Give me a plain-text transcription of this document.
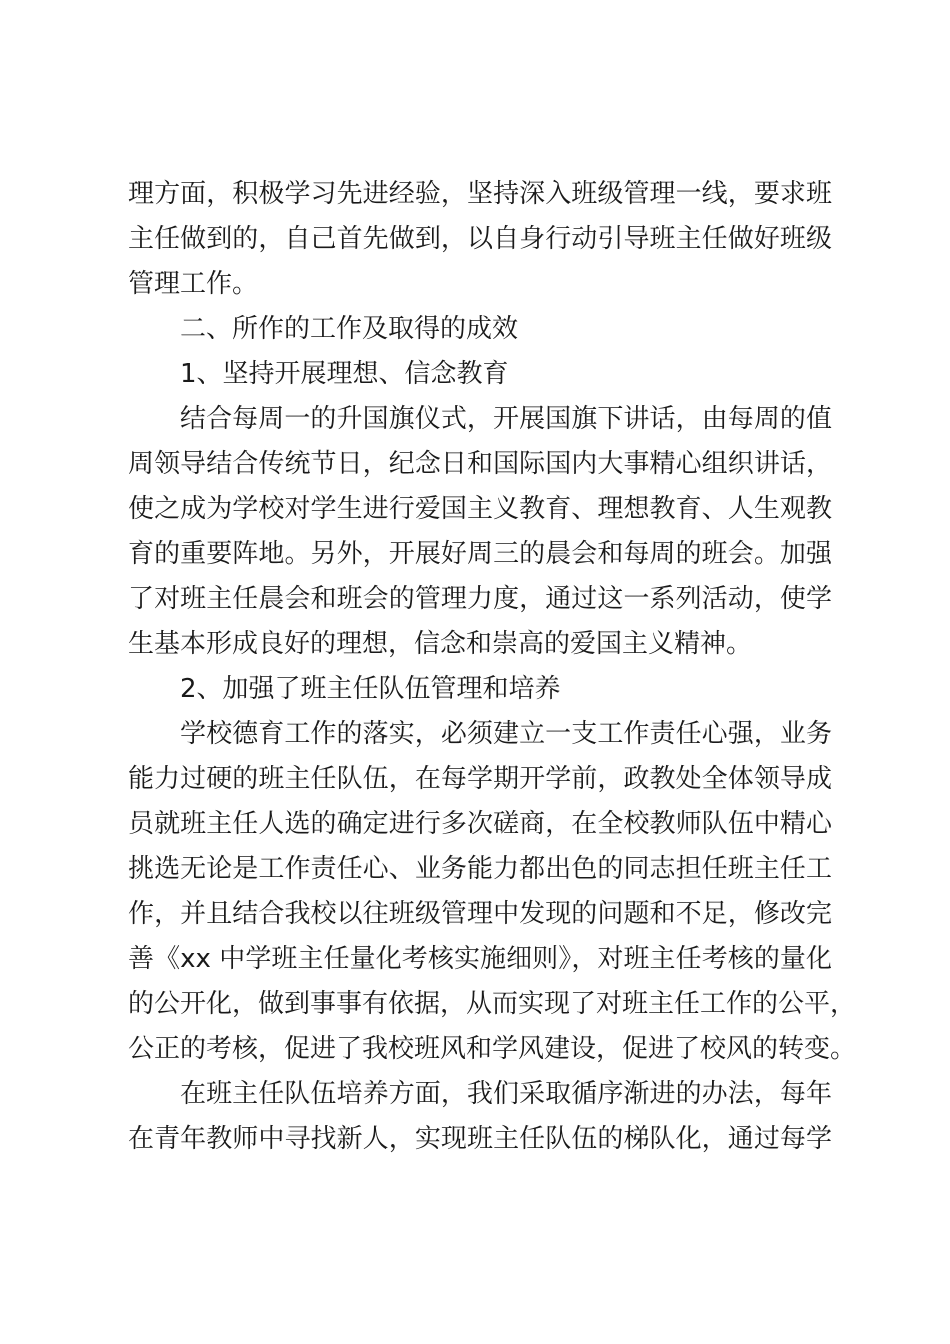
理方面，积极学习先进经验，坚持深入班级管理一线，要求班
主任做到的，自己首先做到，以自身行动引导班主任做好班级
管理工作。
二、所作的工作及取得的成效
1、坚持开展理想、信念教育
结合每周一的升国旗仪式，开展国旗下讲话，由每周的值
周领导结合传统节日，纪念日和国际国内大事精心组织讲话，
使之成为学校对学生进行爱国主义教育、理想教育、人生观教
育的重要阵地。另外，开展好周三的晨会和每周的班会。加强
了对班主任晨会和班会的管理力度，通过这一系列活动，使学
生基本形成良好的理想，信念和崇高的爱国主义精神。
2、加强了班主任队伍管理和培养
学校德育工作的落实，必须建立一支工作责任心强，业务
能力过硬的班主任队伍，在每学期开学前，政教处全体领导成
员就班主任人选的确定进行多次磋商，在全校教师队伍中精心
挑选无论是工作责任心、业务能力都出色的同志担任班主任工
作，并且结合我校以往班级管理中发现的问题和不足，修改完
善《xx 中学班主任量化考核实施细则》，对班主任考核的量化
的公开化，做到事事有依据，从而实现了对班主任工作的公平，
公正的考核，促进了我校班风和学风建设，促进了校风的转变。
在班主任队伍培养方面，我们采取循序渐进的办法，每年
在青年教师中寻找新人，实现班主任队伍的梯队化，通过每学
